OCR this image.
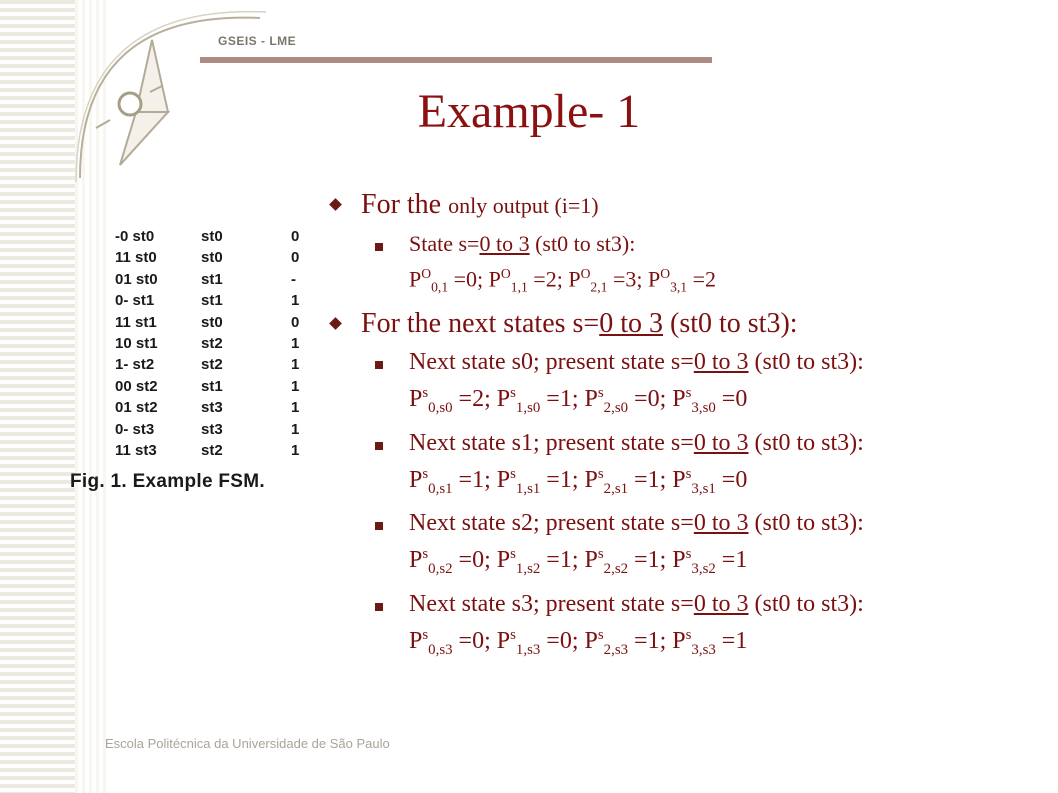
GSEIS - LME
Example- 1
-0 st0	st0	0
11 st0	st0	0
01 st0	st1	-
0- st1	st1	1
11 st1	st0	0
10 st1	st2	1
1- st2	st2	1
00 st2	st1	1
01 st2	st3	1
0- st3	st3	1
11 st3	st2	1
Fig. 1. Example FSM.
For the only output (i=1)
State s=0 to 3 (st0 to st3):
$P^O_{0,1} =0$; $P^O_{1,1} =2$; $P^O_{2,1} =3$; $P^O_{3,1} =2$
For the next states s=0 to 3 (st0 to st3):
Next state s0; present state s=0 to 3 (st0 to st3):
$P^s_{0,s0} =2$; $P^s_{1,s0} =1$; $P^s_{2,s0} =0$; $P^s_{3,s0} =0$
Next state s1; present state s=0 to 3 (st0 to st3):
$P^s_{0,s1} =1$; $P^s_{1,s1} =1$; $P^s_{2,s1} =1$; $P^s_{3,s1} =0$
Next state s2; present state s=0 to 3 (st0 to st3):
$P^s_{0,s2} =0$; $P^s_{1,s2} =1$; $P^s_{2,s2} =1$; $P^s_{3,s2} =1$
Next state s3; present state s=0 to 3 (st0 to st3):
$P^s_{0,s3} =0$; $P^s_{1,s3} =0$; $P^s_{2,s3} =1$; $P^s_{3,s3} =1$
Escola Politécnica da Universidade de São Paulo
